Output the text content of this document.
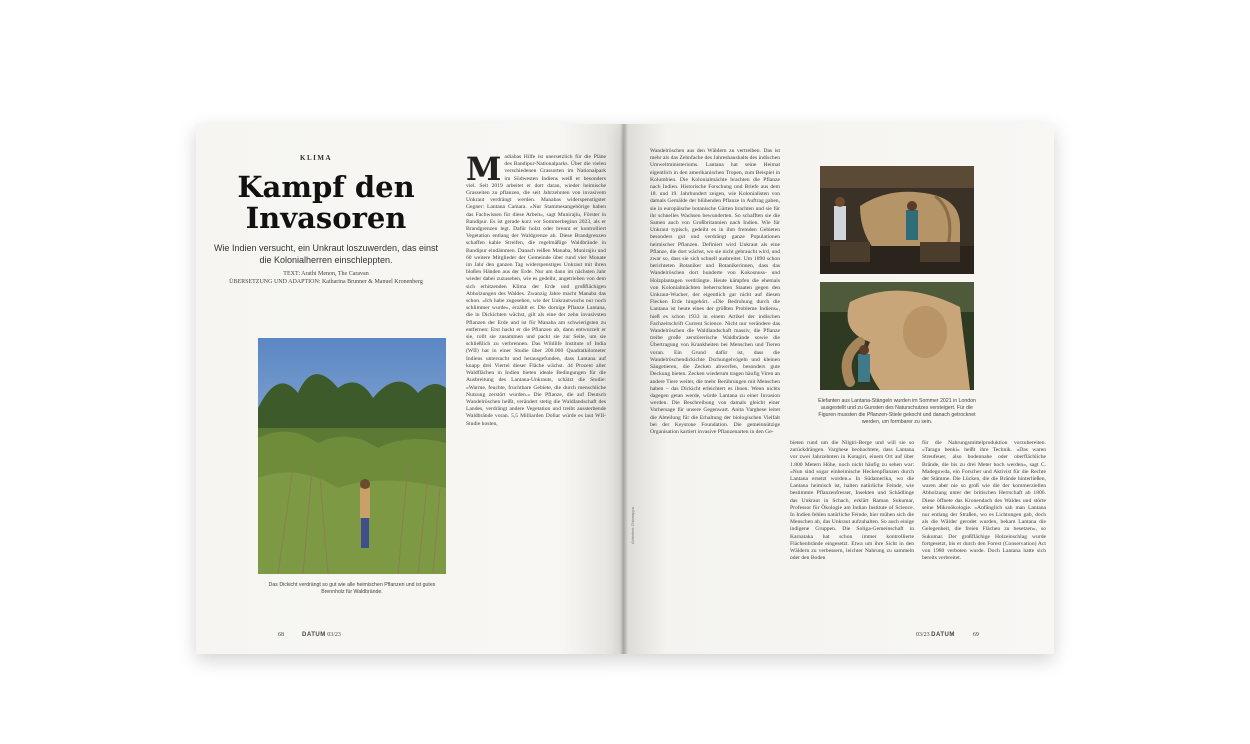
KLIMA
Kampf den
Invasoren
Wie Indien versucht, ein Unkraut loszuwerden, das einst die Kolonialherren einschleppten.
TEXT: Arathi Menon, The Caravan
ÜBERSETZUNG UND ADAPTION: Katharina Brunner & Manuel Kronenberg
Das Dickicht verdrängt so gut wie alle heimischen Pflanzen und ist gutes Brennholz für Waldbrände.
Madiabas Hilfe ist unersetzlich für die Pläne des Bandipur-Nationalparks. Über die vielen verschiedenen Grassorten im Nationalpark im Südwesten Indiens weiß er besonders viel. Seit 2019 arbeitet er dort daran, wieder heimische Grasseiten zu pflanzen, die seit Jahrzehnten von invasivem Unkraut verdrängt werden. Manabas widerspenstigster Gegner: Lantana Camara. «Nur Stammesangehörige haben das Fachwissen für diese Arbeit», sagt Munirajiu, Förster in Bandipur. Es ist gerade kurz vor Sommerbeginn 2023, als er Brandgrenzen legt. Dafür holzt oder brennt er kontrolliert Vegetation entlang der Waldgrenze ab. Diese Brandgrenzen schaffen kahle Streifen, die regelmäßige Waldbrände in Bandipur eindämmen. Danach reißen Manaba, Munirajiu und 60 weitere Mitglieder der Gemeinde über rund vier Monate im Jahr den ganzen Tag widerspenstiges Unkraut mit ihren bloßen Händen aus der Erde. Nur um dann im nächsten Jahr wieder dabei zuzusehen, wie es gedeiht, angetrieben von dem sich erhitzenden Klima der Erde und großflächigen Abholzungen des Waldes. Zwanzig Jahre macht Manaba das schon. «Ich habe zugesehen, wie der Unkrautwuchs nur noch schlimmer wurde», erzählt er. Die dornige Pflanze Lantana, die in Dickichten wächst, gilt als eine der zehn invasivsten Pflanzen der Erde und ist für Manaba am schwierigsten zu entfernen: Erst hackt er die Pflanzen ab, dann entwurzelt er sie, rollt sie zusammen und packt sie zur Seite, um sie schließlich zu verbrennen. Das Wildlife Institute of India (WII) hat in einer Studie über 200.000 Quadratkilometer Indiens untersucht und herausgefunden, dass Lantana auf knapp drei Viertel dieser Fläche wächst. 44 Prozent aller Waldflächen in Indien bieten ideale Bedingungen für die Ausbreitung des Lantana-Unkrauts, schätzt die Studie: «Warme, feuchte, fruchtbare Gebiete, die durch menschliche Nutzung zerstört wurden.» Die Pflanze, die auf Deutsch Wandelröschen heißt, verändert stetig die Waldlandschaft des Landes, verdrängt andere Vegetation und treibt aussterbende Waldbrände voran. 5,5 Milliarden Dollar würde es laut WII-Studie kosten,
68	DATUM 03/23
Abhishek Chinnappa
Wandelröschen aus den Wäldern zu vertreiben. Das ist mehr als das Zehnfache des Jahreshaushalts des indischen Umweltministeriums. Lantana hat seine Heimat eigentlich in den amerikanischen Tropen, zum Beispiel in Kolumbien. Die Kolonialmächte brachten die Pflanze nach Indien. Historische Forschung und Briefe aus dem 18. und 19. Jahrhundert zeigen, wie Kolonialisten von damals Gemälde der blühenden Pflanze in Auftrag gaben, sie in europäische botanische Gärten brachten und sie für ihr schnelles Wachsen bewunderten. So schafften sie die Samen auch von Großbritannien nach Indien. Wie für Unkraut typisch, gedeiht es in ihm fremden Gebieten besonders gut und verdrängt ganze Populationen heimischer Pflanzen. Definiert wird Unkraut als eine Pflanze, die dort wächst, wo sie nicht gebraucht wird, und zwar so, dass sie sich schnell ausbreitet. Um 1890 schon berichteten Botaniker und Botanikerinnen, dass das Wandelröschen dort hunderte von Kokosnuss- und Holzplantagen verdrängte. Heute kämpfen die ehemals von Kolonialmächten beherrschten Staaten gegen den Unkraut-Wucher, der eigentlich gar nicht auf diesen Flecken Erde hingehört. «Die Bedrohung durch die Lantana ist heute eines der größten Probleme Indiens», hieß es schon 1933 in einem Artikel der indischen Fachzeitschrift Current Science. Nicht nur verändere das Wandelröschen die Waldlandschaft massiv, die Pflanze treibe große zerstörerische Waldbrände sowie die Übertragung von Krankheiten bei Menschen und Tieren voran. Ein Grund dafür ist, dass die Wandelröschendickichte Dschungelvögeln und kleinen Säugetieren, die Zecken abwerfen, besonders gute Deckung bieten. Zecken wiederum tragen häufig Viren an andere Tiere weiter, die mehr Berührungen mit Menschen haben – das Dickicht erleichtert es ihnen. Wenn nichts dagegen getan werde, würde Lantana zu einer Invasion werden. Die Beschreibung von damals gleicht einer Vorhersage für unsere Gegenwart. Anita Varghese leitet die Abteilung für die Erhaltung der biologischen Vielfalt bei der Keystone Foundation. Die gemeinnützige Organisation kartiert invasive Pflanzenarten in den Ge-
Elefanten aus Lantana-Stängeln wurden im Sommer 2021 in London ausgestellt und zu Gunsten des Naturschutzes versteigert. Für die Figuren mussten die Pflanzen-Stiele gekocht und danach getrocknet werden, um formbarer zu sein.
bieten rund um die Nilgiri-Berge und will sie so zurückdrängen. Varghese beobachtete, dass Lantana vor zwei Jahrzehnten in Kotagiri, einem Ort auf über 1.800 Metern Höhe, noch nicht häufig zu sehen war: «Nun sind sogar einheimische Heckenpflanzen durch Lantana ersetzt worden.» In Südamerika, wo die Lantana heimisch ist, halten natürliche Feinde, wie bestimmte Pflanzenfresser, Insekten und Schädlinge das Unkraut in Schach, erklärt Raman Sukumar, Professor für Ökologie am Indian Institute of Science. In Indien fehlen natürliche Feinde, hier mühen sich die Menschen ab, das Unkraut aufzuhalten. So auch einige indigene Gruppen. Die Soliga-Gemeinschaft in Karnataka hat schon immer kontrollierte Flächenbrände eingesetzt. Etwa um ihre Sicht in den Wäldern zu verbessern, leichter Nahrung zu sammeln oder den Boden
für die Nahrungsmittelproduktion vorzubereiten. «Taragu benki» heißt ihre Technik. «Das waren Streufeuer, also bodennahe oder oberflächliche Brände, die bis zu drei Meter hoch werden», sagt C. Madegowda, ein Forscher und Aktivist für die Rechte der Stämme. Die Lücken, die die Brände hinterließen, waren aber nie so groß wie die der kommerziellen Abholzung unter der britischen Herrschaft ab 1806. Diese öffnete das Kronendach des Waldes und störte seine Mikroökologie. «Anfänglich sah man Lantana nur entlang der Straßen, wo es Lichtungen gab, doch als die Wälder gerodet wurden, bekam Lantana die Gelegenheit, die freien Flächen zu besetzen», so Sukumar. Der großflächige Holzeinschlag wurde fortgesetzt, bis er durch den Forest (Conservation) Act von 1980 verboten wurde. Doch Lantana hatte sich bereits verbreitet.
03/23 DATUM	69
